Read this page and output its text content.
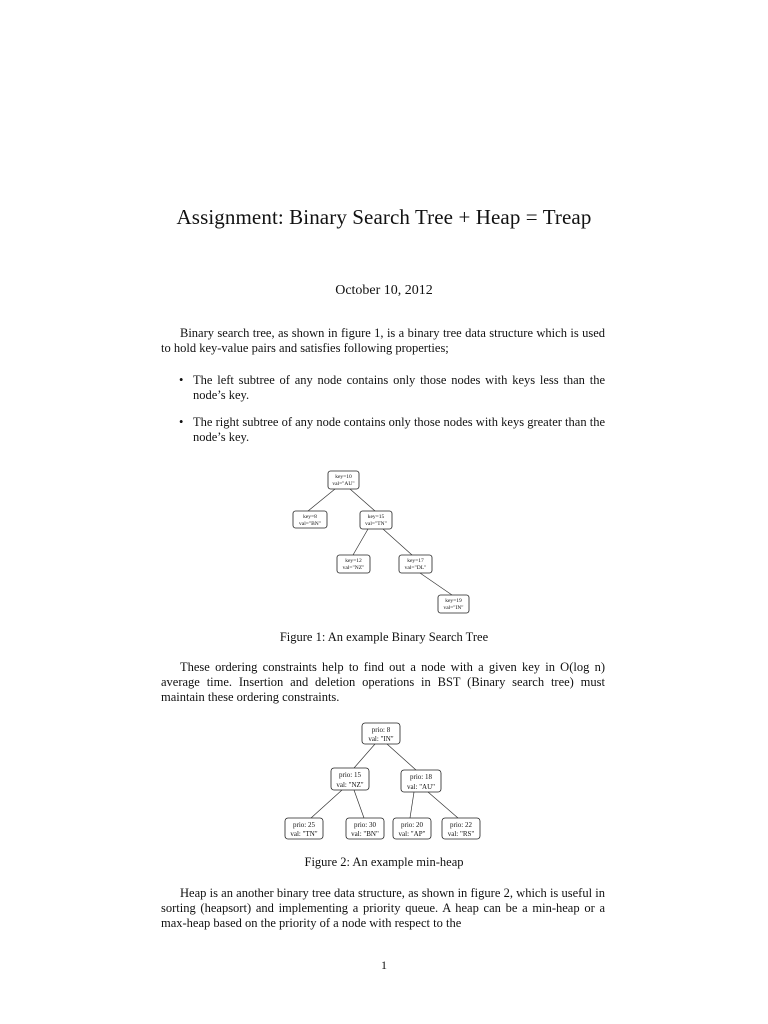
Assignment: Binary Search Tree + Heap = Treap
October 10, 2012

Binary search tree, as shown in figure 1, is a binary tree data structure which is used to hold key-value pairs and satisfies following properties;

• The left subtree of any node contains only those nodes with keys less than the node’s key.
• The right subtree of any node contains only those nodes with keys greater than the node’s key.
key=10
val="AU"
key=8
val="BN"
key=15
val="TN"
key=12
val="NZ"
key=17
val="DL"
key=19
val="IN"
prio: 8
val: "IN"
prio: 15
val: "NZ"
prio: 18
val: "AU"
prio: 25
val: "TN"
prio: 30
val: "BN"
prio: 20
val: "AP"
prio: 22
val: "RS"
Figure 1: An example Binary Search Tree

These ordering constraints help to find out a node with a given key in O(log n) average time. Insertion and deletion operations in BST (Binary search tree) must maintain these ordering constraints.

Figure 2: An example min-heap

Heap is an another binary tree data structure, as shown in figure 2, which is useful in sorting (heapsort) and implementing a priority queue. A heap can be a min-heap or a max-heap based on the priority of a node with respect to the

1
